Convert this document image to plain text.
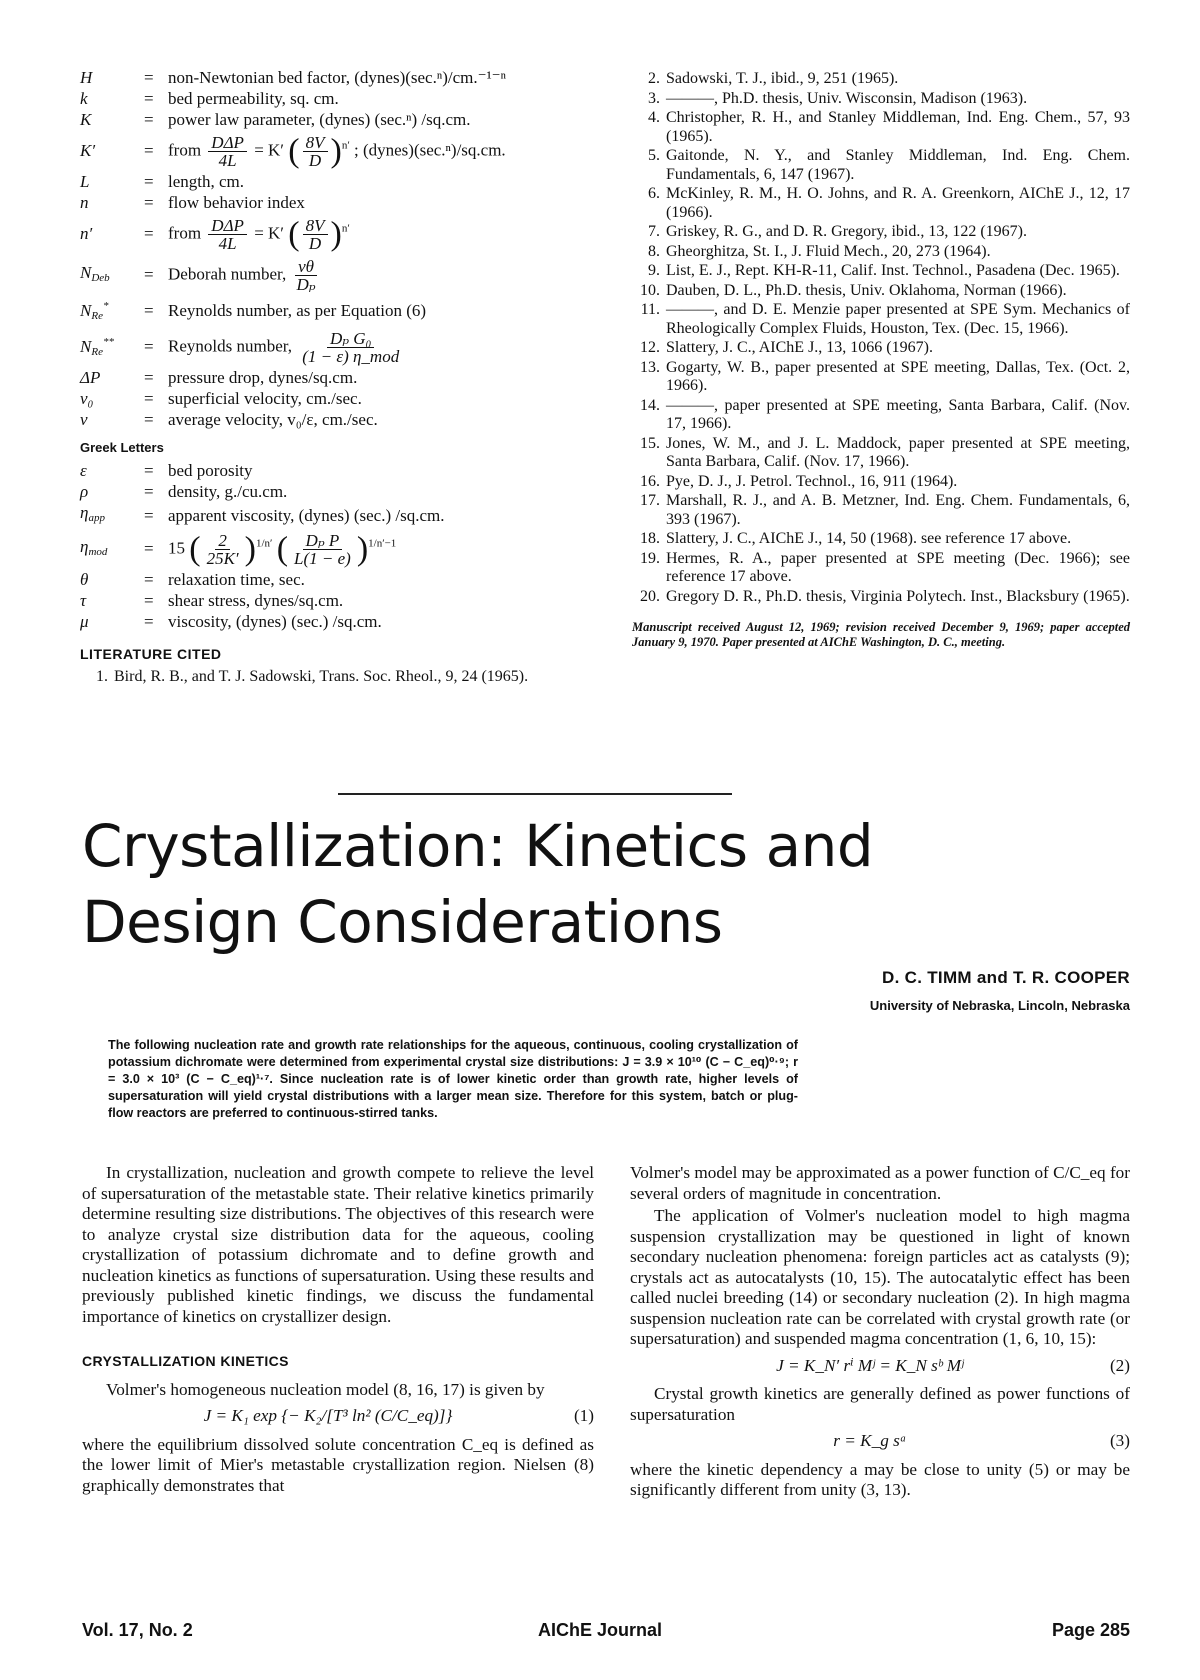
H	= non-Newtonian bed factor, (dynes)(sec.ⁿ)/cm.⁻¹⁻ⁿ
k	= bed permeability, sq. cm.
K	= power law parameter, (dynes) (sec.ⁿ) /sq.cm.
K′	= from $\frac{\text{DΔP}}{4L} = K'$ ( $\frac{8V}{D} )^{n'}$ ; (dynes)(sec.ⁿ)/sq.cm.
L	= length, cm.
n	= flow behavior index
n′	= from $\frac{\text{DΔP}}{4L} = K'$ ( $\frac{8V}{D} )^{n'}$
$N_{Deb}$	= Deborah number, $\frac{v\theta}{\text{Dₚ}}$
$N_{Re}^*$	= Reynolds number, as per Equation (6)
$N_{Re}^{**}$	= Reynolds number, $\frac{\text{Dₚ G₀}}{\text{(1 − ε) η\_mod}}$
ΔP	= pressure drop, dynes/sq.cm.
v₀	= superficial velocity, cm./sec.
v	= average velocity, v₀/ε, cm./sec.
Greek Letters
ε	= bed porosity
ρ	= density, g./cu.cm.
$\eta_{app}$	= apparent viscosity, (dynes) (sec.) /sq.cm.
$\eta_{mod}$	= 15 ( $\frac{2}{25K'} )^{1/n'}$ ( $\frac{\text{Dₚ P}}{L(1 - e)} )^{1/n'-1}$
θ	= relaxation time, sec.
τ	= shear stress, dynes/sq.cm.
μ	= viscosity, (dynes) (sec.) /sq.cm.
LITERATURE CITED
1. Bird, R. B., and T. J. Sadowski, Trans. Soc. Rheol., 9, 24 (1965).
2. Sadowski, T. J., ibid., 9, 251 (1965).
3. ———, Ph.D. thesis, Univ. Wisconsin, Madison (1963).
4. Christopher, R. H., and Stanley Middleman, Ind. Eng. Chem., 57, 93 (1965).
5. Gaitonde, N. Y., and Stanley Middleman, Ind. Eng. Chem. Fundamentals, 6, 147 (1967).
6. McKinley, R. M., H. O. Johns, and R. A. Greenkorn, AIChE J., 12, 17 (1966).
7. Griskey, R. G., and D. R. Gregory, ibid., 13, 122 (1967).
8. Gheorghitza, St. I., J. Fluid Mech., 20, 273 (1964).
9. List, E. J., Rept. KH-R-11, Calif. Inst. Technol., Pasadena (Dec. 1965).
10. Dauben, D. L., Ph.D. thesis, Univ. Oklahoma, Norman (1966).
11. ———, and D. E. Menzie paper presented at SPE Sym. Mechanics of Rheologically Complex Fluids, Houston, Tex. (Dec. 15, 1966).
12. Slattery, J. C., AIChE J., 13, 1066 (1967).
13. Gogarty, W. B., paper presented at SPE meeting, Dallas, Tex. (Oct. 2, 1966).
14. ———, paper presented at SPE meeting, Santa Barbara, Calif. (Nov. 17, 1966).
15. Jones, W. M., and J. L. Maddock, paper presented at SPE meeting, Santa Barbara, Calif. (Nov. 17, 1966).
16. Pye, D. J., J. Petrol. Technol., 16, 911 (1964).
17. Marshall, R. J., and A. B. Metzner, Ind. Eng. Chem. Fundamentals, 6, 393 (1967).
18. Slattery, J. C., AIChE J., 14, 50 (1968). see reference 17 above.
19. Hermes, R. A., paper presented at SPE meeting (Dec. 1966); see reference 17 above.
20. Gregory D. R., Ph.D. thesis, Virginia Polytech. Inst., Blacksbury (1965).
Manuscript received August 12, 1969; revision received December 9, 1969; paper accepted January 9, 1970. Paper presented at AIChE Washington, D. C., meeting.
Crystallization: Kinetics and
Design Considerations
D. C. TIMM and T. R. COOPER
University of Nebraska, Lincoln, Nebraska
The following nucleation rate and growth rate relationships for the aqueous, continuous, cooling crystallization of potassium dichromate were determined from experimental crystal size distributions: J = 3.9 × 10¹⁰ (C − C_eq)⁰·⁹; r = 3.0 × 10³ (C − C_eq)¹·⁷. Since nucleation rate is of lower kinetic order than growth rate, higher levels of supersaturation will yield crystal distributions with a larger mean size. Therefore for this system, batch or plug-flow reactors are preferred to continuous-stirred tanks.

In crystallization, nucleation and growth compete to relieve the level of supersaturation of the metastable state. Their relative kinetics primarily determine resulting size distributions. The objectives of this research were to analyze crystal size distribution data for the aqueous, cooling crystallization of potassium dichromate and to define growth and nucleation kinetics as functions of supersaturation. Using these results and previously published kinetic findings, we discuss the fundamental importance of kinetics on crystallizer design.

CRYSTALLIZATION KINETICS

Volmer's homogeneous nucleation model (8, 16, 17) is given by

J = K₁ exp {− K₂/[T³ ln² (C/C_eq)]}	(1)

where the equilibrium dissolved solute concentration C_eq is defined as the lower limit of Mier's metastable crystallization region. Nielsen (8) graphically demonstrates that

Volmer's model may be approximated as a power function of C/C_eq for several orders of magnitude in concentration.

The application of Volmer's nucleation model to high magma suspension crystallization may be questioned in light of known secondary nucleation phenomena: foreign particles act as catalysts (9); crystals act as autocatalysts (10, 15). The autocatalytic effect has been called nuclei breeding (14) or secondary nucleation (2). In high magma suspension nucleation rate can be correlated with crystal growth rate (or supersaturation) and suspended magma concentration (1, 6, 10, 15):

J = K_N′ rⁱ Mʲ = K_N sᵇ Mʲ	(2)

Crystal growth kinetics are generally defined as power functions of supersaturation

r = K_g sᵃ	(3)

where the kinetic dependency a may be close to unity (5) or may be significantly different from unity (3, 13).

Vol. 17, No. 2	AIChE Journal	Page 285
